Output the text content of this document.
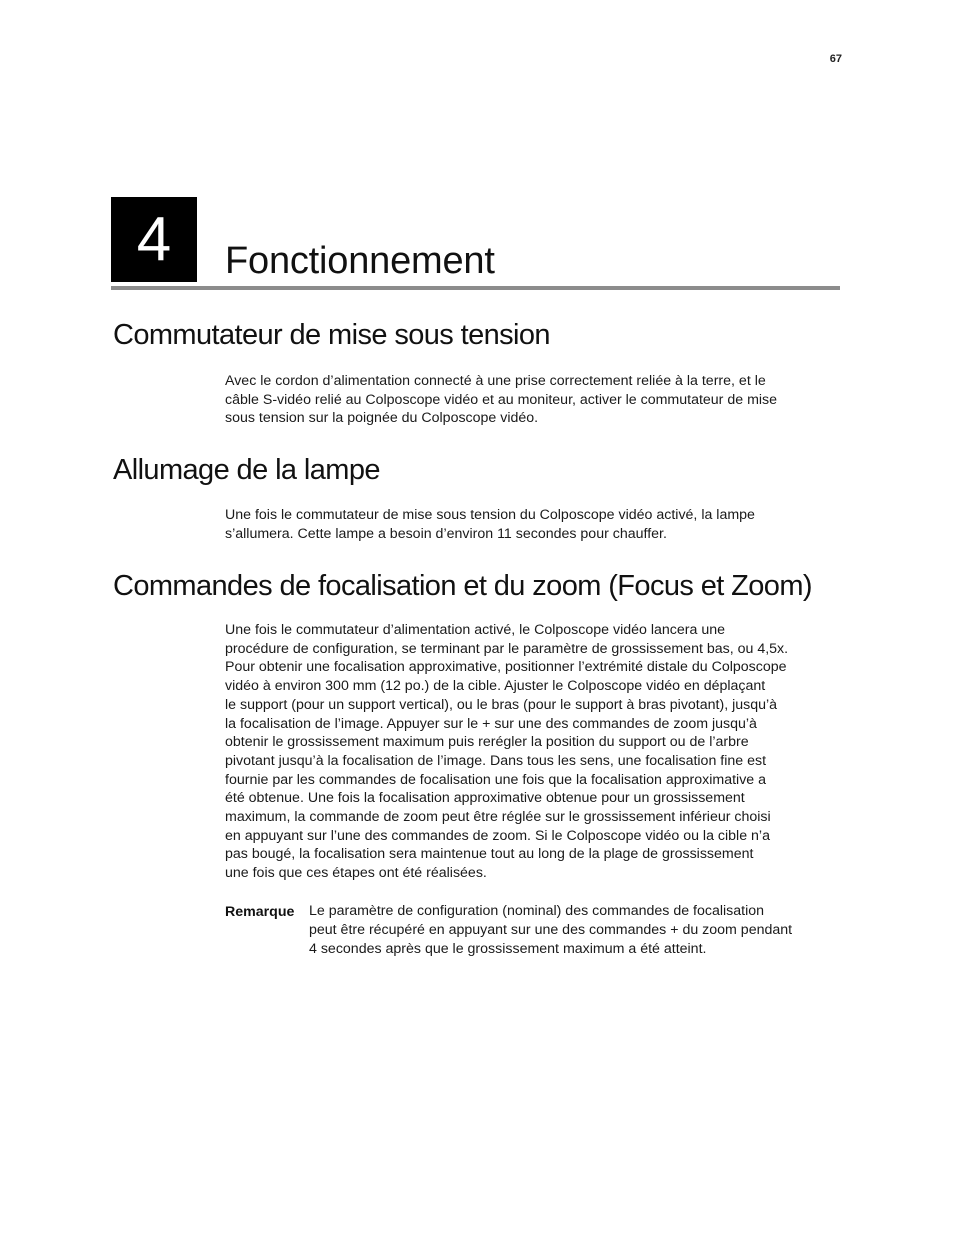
67
4	Fonctionnement
Commutateur de mise sous tension

Avec le cordon d’alimentation connecté à une prise correctement reliée à la terre, et le
câble S-vidéo relié au Colposcope vidéo et au moniteur, activer le commutateur de mise
sous tension sur la poignée du Colposcope vidéo.

Allumage de la lampe

Une fois le commutateur de mise sous tension du Colposcope vidéo activé, la lampe
s’allumera. Cette lampe a besoin d’environ 11 secondes pour chauffer.

Commandes de focalisation et du zoom (Focus et Zoom)

Une fois le commutateur d’alimentation activé, le Colposcope vidéo lancera une
procédure de configuration, se terminant par le paramètre de grossissement bas, ou 4,5x.
Pour obtenir une focalisation approximative, positionner l’extrémité distale du Colposcope
vidéo à environ 300 mm (12 po.) de la cible. Ajuster le Colposcope vidéo en déplaçant
le support (pour un support vertical), ou le bras (pour le support à bras pivotant), jusqu’à
la focalisation de l’image. Appuyer sur le + sur une des commandes de zoom jusqu’à
obtenir le grossissement maximum puis rerégler la position du support ou de l’arbre
pivotant jusqu’à la focalisation de l’image. Dans tous les sens, une focalisation fine est
fournie par les commandes de focalisation une fois que la focalisation approximative a
été obtenue. Une fois la focalisation approximative obtenue pour un grossissement
maximum, la commande de zoom peut être réglée sur le grossissement inférieur choisi
en appuyant sur l’une des commandes de zoom. Si le Colposcope vidéo ou la cible n’a
pas bougé, la focalisation sera maintenue tout au long de la plage de grossissement
une fois que ces étapes ont été réalisées.

Remarque Le paramètre de configuration (nominal) des commandes de focalisation
peut être récupéré en appuyant sur une des commandes + du zoom pendant
4 secondes après que le grossissement maximum a été atteint.
